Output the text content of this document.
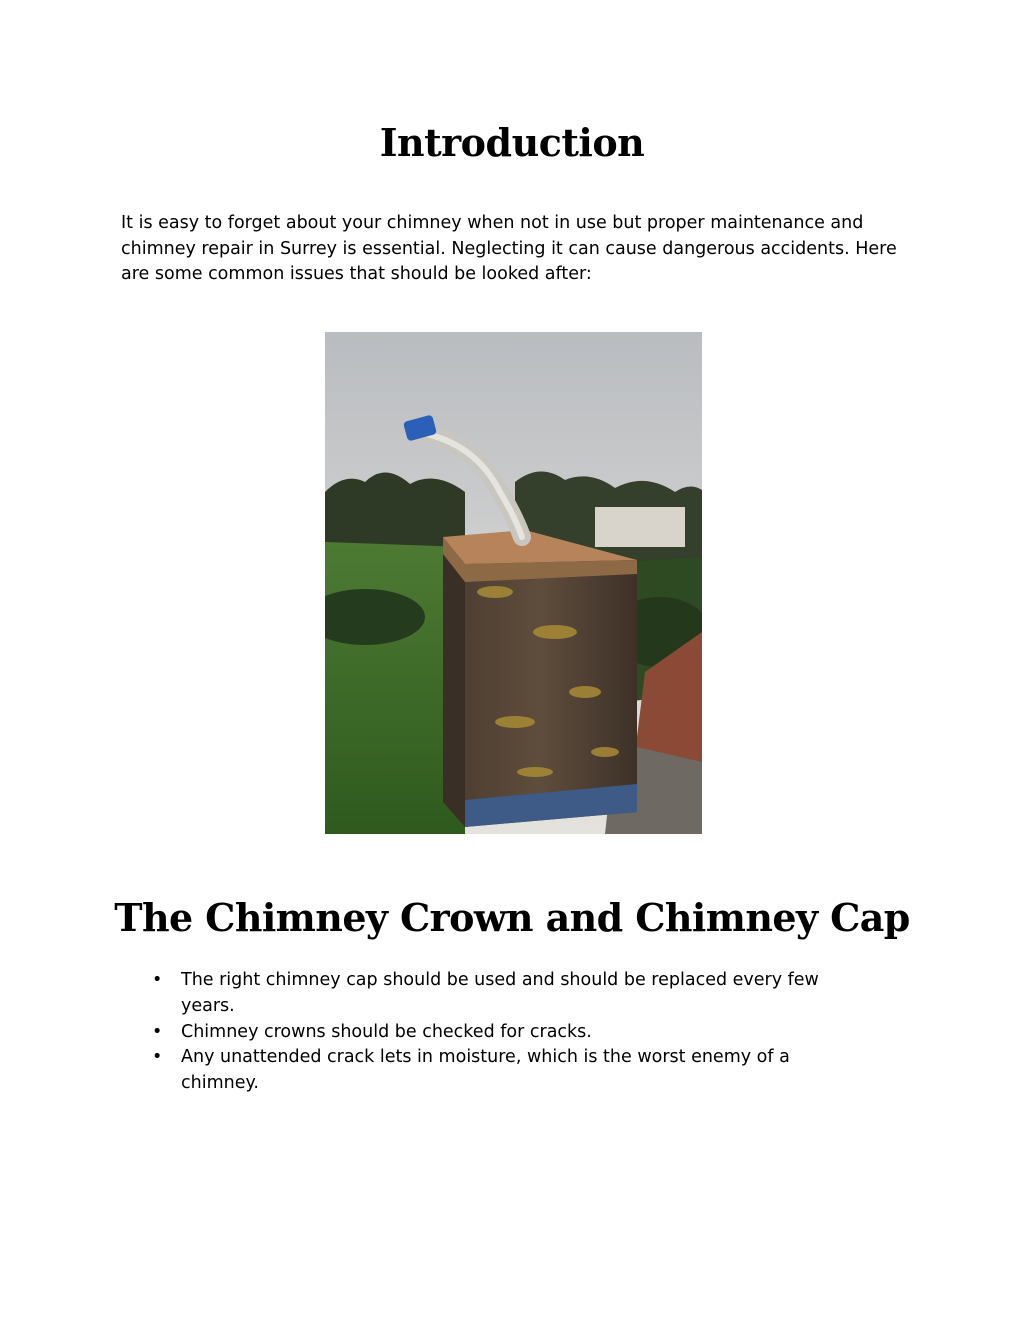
Introduction

It is easy to forget about your chimney when not in use but proper maintenance and chimney repair in Surrey is essential. Neglecting it can cause dangerous accidents. Here are some common issues that should be looked after:

The Chimney Crown and Chimney Cap
• The right chimney cap should be used and should be replaced every few years.
• Chimney crowns should be checked for cracks.
• Any unattended crack lets in moisture, which is the worst enemy of a chimney.
